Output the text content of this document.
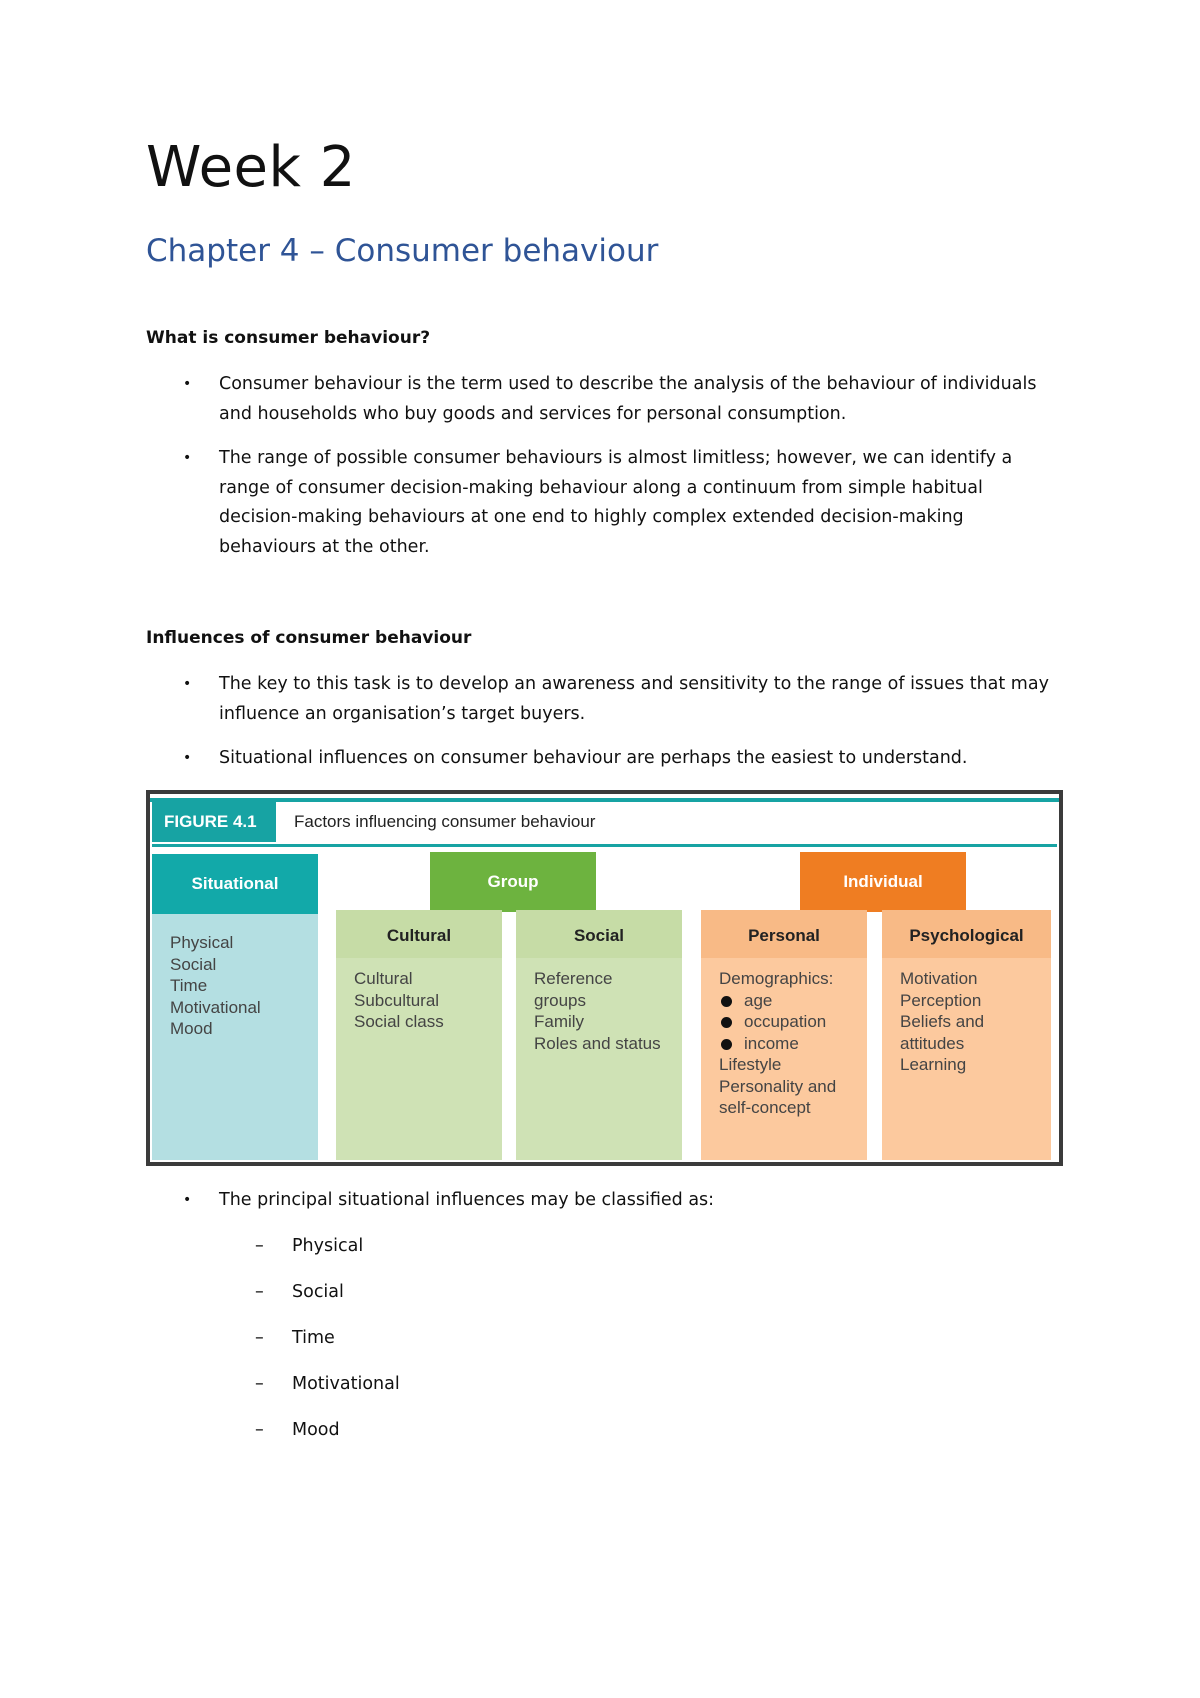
Week 2
Chapter 4 – Consumer behaviour
What is consumer behaviour?
• Consumer behaviour is the term used to describe the analysis of the behaviour of individuals and households who buy goods and services for personal consumption.
• The range of possible consumer behaviours is almost limitless; however, we can identify a range of consumer decision-making behaviour along a continuum from simple habitual decision-making behaviours at one end to highly complex extended decision-making behaviours at the other.
Influences of consumer behaviour
• The key to this task is to develop an awareness and sensitivity to the range of issues that may influence an organisation’s target buyers.
• Situational influences on consumer behaviour are perhaps the easiest to understand.
FIGURE 4.1	Factors influencing consumer behaviour
Group	Individual
Physical
Social
Time
Motivational
Mood
Situational
Cultural
Cultural
Subcultural
Social class
Social
Reference
groups
Family
Roles and status
Personal
Demographics:
age
occupation
income
Lifestyle
Personality and
self-concept
Psychological
Motivation
Perception
Beliefs and
attitudes
Learning
• The principal situational influences may be classified as:
– Physical
– Social
– Time
– Motivational
– Mood
